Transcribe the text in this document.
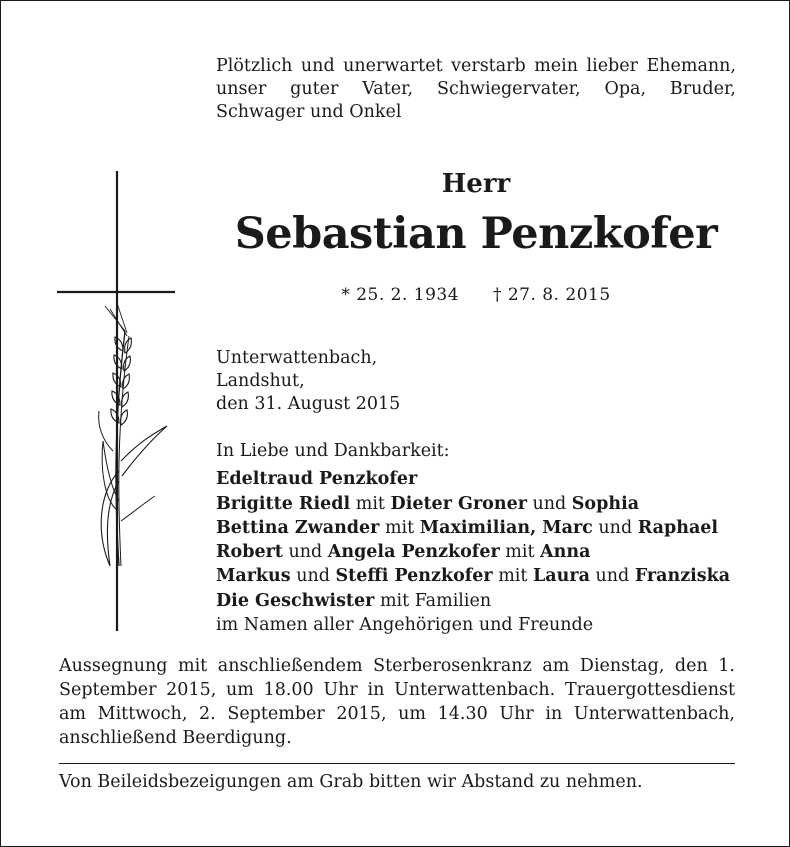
Plötzlich und unerwartet verstarb mein lieber Ehemann, unser guter Vater, Schwiegervater, Opa, Bruder, Schwager und Onkel
Herr
Sebastian Penzkofer
* 25. 2. 1934 † 27. 8. 2015
Unterwattenbach,
Landshut,
den 31. August 2015
In Liebe und Dankbarkeit:
Edeltraud Penzkofer
Brigitte Riedl mit Dieter Groner und Sophia
Bettina Zwander mit Maximilian, Marc und Raphael
Robert und Angela Penzkofer mit Anna
Markus und Steffi Penzkofer mit Laura und Franziska
Die Geschwister mit Familien
im Namen aller Angehörigen und Freunde
Aussegnung mit anschließendem Sterberosenkranz am Dienstag, den 1. September 2015, um 18.00 Uhr in Unterwattenbach. Trauergottesdienst am Mittwoch, 2. September 2015, um 14.30 Uhr in Unterwattenbach, anschließend Beerdigung.
Von Beileidsbezeigungen am Grab bitten wir Abstand zu nehmen.
